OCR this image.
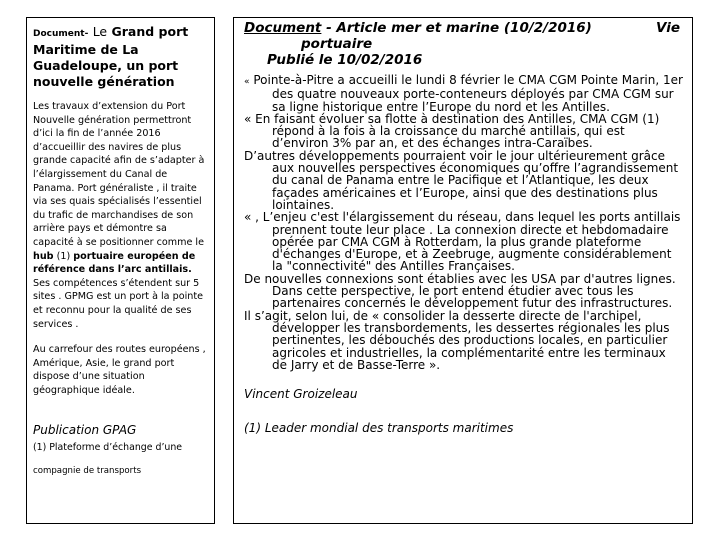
Document- Le Grand port Maritime de La Guadeloupe, un port nouvelle génération
Les travaux d’extension du Port Nouvelle génération permettront d’ici la fin de l’année 2016 d’accueillir des navires de plus grande capacité afin de s’adapter à l’élargissement du Canal de Panama. Port généraliste , il traite via ses quais spécialisés l’essentiel du trafic de marchandises de son arrière pays et démontre sa capacité à se positionner comme le hub (1) portuaire européen de référence dans l’arc antillais. Ses compétences s’étendent sur 5 sites . GPMG est un port à la pointe et reconnu pour la qualité de ses services .
Au carrefour des routes européens , Amérique, Asie, le grand port dispose d’une situation géographique idéale.
Publication GPAG
(1) Plateforme d’échange d’une
compagnie de transports
Document - Article mer et marine (10/2/2016)	Vie
portuaire
Publié le 10/02/2016

« Pointe-à-Pitre a accueilli le lundi 8 février le CMA CGM Pointe Marin, 1er des quatre nouveaux porte-conteneurs déployés par CMA CGM sur sa ligne historique entre l’Europe du nord et les Antilles.

« En faisant évoluer sa flotte à destination des Antilles, CMA CGM (1) répond à la fois à la croissance du marché antillais, qui est d’environ 3% par an, et des échanges intra-Caraïbes.

D’autres développements pourraient voir le jour ultérieurement grâce aux nouvelles perspectives économiques qu’offre l’agrandissement du canal de Panama entre le Pacifique et l’Atlantique, les deux façades américaines et l’Europe, ainsi que des destinations plus lointaines.

« , L’enjeu c'est l'élargissement du réseau, dans lequel les ports antillais prennent toute leur place . La connexion directe et hebdomadaire opérée par CMA CGM à Rotterdam, la plus grande plateforme d'échanges d'Europe, et à Zeebruge, augmente considérablement la "connectivité" des Antilles Françaises.

De nouvelles connexions sont établies avec les USA par d'autres lignes. Dans cette perspective, le port entend étudier avec tous les partenaires concernés le développement futur des infrastructures.

Il s’agit, selon lui, de « consolider la desserte directe de l'archipel, développer les transbordements, les dessertes régionales les plus pertinentes, les débouchés des productions locales, en particulier agricoles et industrielles, la complémentarité entre les terminaux de Jarry et de Basse-Terre ».

Vincent Groizeleau
(1) Leader mondial des transports maritimes
